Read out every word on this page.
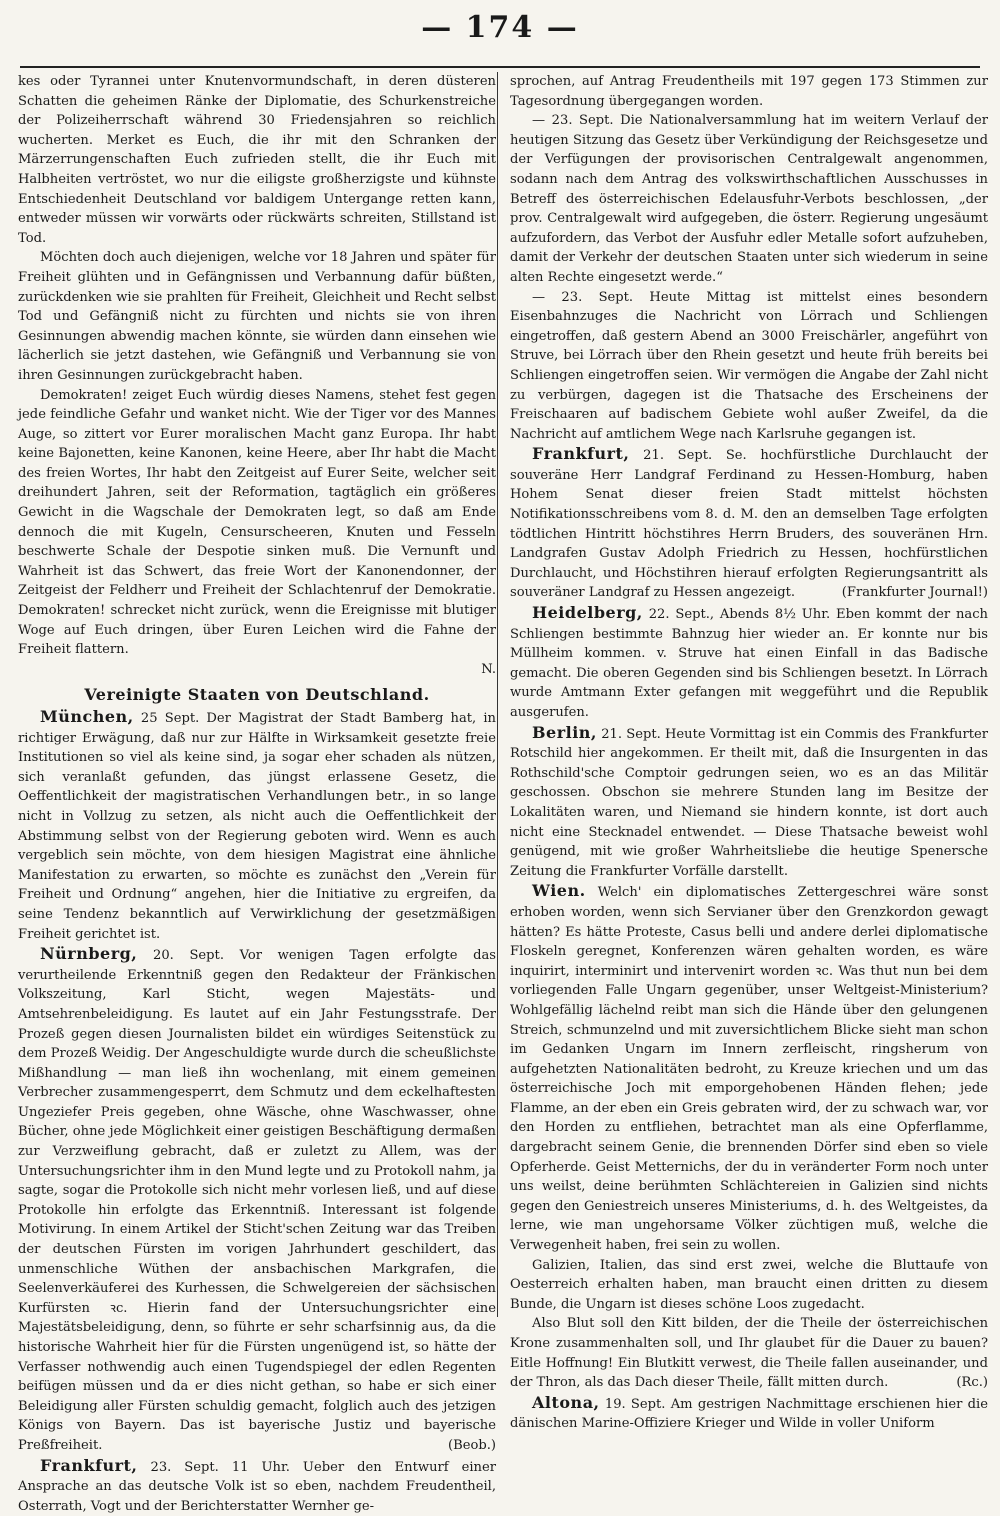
— 174 —

kes oder Tyrannei unter Knutenvormundschaft, in deren düsteren Schatten die geheimen Ränke der Diplomatie, des Schurkenstreiche der Polizeiherrschaft während 30 Friedensjahren so reichlich wucherten. Merket es Euch, die ihr mit den Schranken der Märzerrungenschaften Euch zufrieden stellt, die ihr Euch mit Halbheiten vertröstet, wo nur die eiligste großherzigste und kühnste Entschiedenheit Deutschland vor baldigem Untergange retten kann, entweder müssen wir vorwärts oder rückwärts schreiten, Stillstand ist Tod.

Möchten doch auch diejenigen, welche vor 18 Jahren und später für Freiheit glühten und in Gefängnissen und Verbannung dafür büßten, zurückdenken wie sie prahlten für Freiheit, Gleichheit und Recht selbst Tod und Gefängniß nicht zu fürchten und nichts sie von ihren Gesinnungen abwendig machen könnte, sie würden dann einsehen wie lächerlich sie jetzt dastehen, wie Gefängniß und Verbannung sie von ihren Gesinnungen zurückgebracht haben.

Demokraten! zeiget Euch würdig dieses Namens, stehet fest gegen jede feindliche Gefahr und wanket nicht. Wie der Tiger vor des Mannes Auge, so zittert vor Eurer moralischen Macht ganz Europa. Ihr habt keine Bajonetten, keine Kanonen, keine Heere, aber Ihr habt die Macht des freien Wortes, Ihr habt den Zeitgeist auf Eurer Seite, welcher seit dreihundert Jahren, seit der Reformation, tagtäglich ein größeres Gewicht in die Wagschale der Demokraten legt, so daß am Ende dennoch die mit Kugeln, Censurscheeren, Knuten und Fesseln beschwerte Schale der Despotie sinken muß. Die Vernunft und Wahrheit ist das Schwert, das freie Wort der Kanonendonner, der Zeitgeist der Feldherr und Freiheit der Schlachtenruf der Demokratie. Demokraten! schrecket nicht zurück, wenn die Ereignisse mit blutiger Woge auf Euch dringen, über Euren Leichen wird die Fahne der Freiheit flattern.

N.

Vereinigte Staaten von Deutschland.

München, 25 Sept. Der Magistrat der Stadt Bamberg hat, in richtiger Erwägung, daß nur zur Hälfte in Wirksamkeit gesetzte freie Institutionen so viel als keine sind, ja sogar eher schaden als nützen, sich veranlaßt gefunden, das jüngst erlassene Gesetz, die Oeffentlichkeit der magistratischen Verhandlungen betr., in so lange nicht in Vollzug zu setzen, als nicht auch die Oeffentlichkeit der Abstimmung selbst von der Regierung geboten wird. Wenn es auch vergeblich sein möchte, von dem hiesigen Magistrat eine ähnliche Manifestation zu erwarten, so möchte es zunächst den „Verein für Freiheit und Ordnung“ angehen, hier die Initiative zu ergreifen, da seine Tendenz bekanntlich auf Verwirklichung der gesetzmäßigen Freiheit gerichtet ist.

Nürnberg, 20. Sept. Vor wenigen Tagen erfolgte das verurtheilende Erkenntniß gegen den Redakteur der Fränkischen Volkszeitung, Karl Sticht, wegen Majestäts- und Amtsehrenbeleidigung. Es lautet auf ein Jahr Festungsstrafe. Der Prozeß gegen diesen Journalisten bildet ein würdiges Seitenstück zu dem Prozeß Weidig. Der Angeschuldigte wurde durch die scheußlichste Mißhandlung — man ließ ihn wochenlang, mit einem gemeinen Verbrecher zusammengesperrt, dem Schmutz und dem eckelhaftesten Ungeziefer Preis gegeben, ohne Wäsche, ohne Waschwasser, ohne Bücher, ohne jede Möglichkeit einer geistigen Beschäftigung dermaßen zur Verzweiflung gebracht, daß er zuletzt zu Allem, was der Untersuchungsrichter ihm in den Mund legte und zu Protokoll nahm, ja sagte, sogar die Protokolle sich nicht mehr vorlesen ließ, und auf diese Protokolle hin erfolgte das Erkenntniß. Interessant ist folgende Motivirung. In einem Artikel der Sticht'schen Zeitung war das Treiben der deutschen Fürsten im vorigen Jahrhundert geschildert, das unmenschliche Wüthen der ansbachischen Markgrafen, die Seelenverkäuferei des Kurhessen, die Schwelgereien der sächsischen Kurfürsten ꝛc. Hierin fand der Untersuchungsrichter eine Majestätsbeleidigung, denn, so führte er sehr scharfsinnig aus, da die historische Wahrheit hier für die Fürsten ungenügend ist, so hätte der Verfasser nothwendig auch einen Tugendspiegel der edlen Regenten beifügen müssen und da er dies nicht gethan, so habe er sich einer Beleidigung aller Fürsten schuldig gemacht, folglich auch des jetzigen Königs von Bayern. Das ist bayerische Justiz und bayerische Preßfreiheit.	(Beob.)

Frankfurt, 23. Sept. 11 Uhr. Ueber den Entwurf einer Ansprache an das deutsche Volk ist so eben, nachdem Freudentheil, Osterrath, Vogt und der Berichterstatter Wernher ge-

sprochen, auf Antrag Freudentheils mit 197 gegen 173 Stimmen zur Tagesordnung übergegangen worden.

— 23. Sept. Die Nationalversammlung hat im weitern Verlauf der heutigen Sitzung das Gesetz über Verkündigung der Reichsgesetze und der Verfügungen der provisorischen Centralgewalt angenommen, sodann nach dem Antrag des volkswirthschaftlichen Ausschusses in Betreff des österreichischen Edelausfuhr-Verbots beschlossen, „der prov. Centralgewalt wird aufgegeben, die österr. Regierung ungesäumt aufzufordern, das Verbot der Ausfuhr edler Metalle sofort aufzuheben, damit der Verkehr der deutschen Staaten unter sich wiederum in seine alten Rechte eingesetzt werde.“

— 23. Sept. Heute Mittag ist mittelst eines besondern Eisenbahnzuges die Nachricht von Lörrach und Schliengen eingetroffen, daß gestern Abend an 3000 Freischärler, angeführt von Struve, bei Lörrach über den Rhein gesetzt und heute früh bereits bei Schliengen eingetroffen seien. Wir vermögen die Angabe der Zahl nicht zu verbürgen, dagegen ist die Thatsache des Erscheinens der Freischaaren auf badischem Gebiete wohl außer Zweifel, da die Nachricht auf amtlichem Wege nach Karlsruhe gegangen ist.

Frankfurt, 21. Sept. Se. hochfürstliche Durchlaucht der souveräne Herr Landgraf Ferdinand zu Hessen-Homburg, haben Hohem Senat dieser freien Stadt mittelst höchsten Notifikationsschreibens vom 8. d. M. den an demselben Tage erfolgten tödtlichen Hintritt höchstihres Herrn Bruders, des souveränen Hrn. Landgrafen Gustav Adolph Friedrich zu Hessen, hochfürstlichen Durchlaucht, und Höchstihren hierauf erfolgten Regierungsantritt als souveräner Landgraf zu Hessen angezeigt.	(Frankfurter Journal!)

Heidelberg, 22. Sept., Abends 8½ Uhr. Eben kommt der nach Schliengen bestimmte Bahnzug hier wieder an. Er konnte nur bis Müllheim kommen. v. Struve hat einen Einfall in das Badische gemacht. Die oberen Gegenden sind bis Schliengen besetzt. In Lörrach wurde Amtmann Exter gefangen mit weggeführt und die Republik ausgerufen.

Berlin, 21. Sept. Heute Vormittag ist ein Commis des Frankfurter Rotschild hier angekommen. Er theilt mit, daß die Insurgenten in das Rothschild'sche Comptoir gedrungen seien, wo es an das Militär geschossen. Obschon sie mehrere Stunden lang im Besitze der Lokalitäten waren, und Niemand sie hindern konnte, ist dort auch nicht eine Stecknadel entwendet. — Diese Thatsache beweist wohl genügend, mit wie großer Wahrheitsliebe die heutige Spenersche Zeitung die Frankfurter Vorfälle darstellt.

Wien. Welch' ein diplomatisches Zettergeschrei wäre sonst erhoben worden, wenn sich Servianer über den Grenzkordon gewagt hätten? Es hätte Proteste, Casus belli und andere derlei diplomatische Floskeln geregnet, Konferenzen wären gehalten worden, es wäre inquirirt, interminirt und intervenirt worden ꝛc. Was thut nun bei dem vorliegenden Falle Ungarn gegenüber, unser Weltgeist-Ministerium? Wohlgefällig lächelnd reibt man sich die Hände über den gelungenen Streich, schmunzelnd und mit zuversichtlichem Blicke sieht man schon im Gedanken Ungarn im Innern zerfleischt, ringsherum von aufgehetzten Nationalitäten bedroht, zu Kreuze kriechen und um das österreichische Joch mit emporgehobenen Händen flehen; jede Flamme, an der eben ein Greis gebraten wird, der zu schwach war, vor den Horden zu entfliehen, betrachtet man als eine Opferflamme, dargebracht seinem Genie, die brennenden Dörfer sind eben so viele Opferherde. Geist Metternichs, der du in veränderter Form noch unter uns weilst, deine berühmten Schlächtereien in Galizien sind nichts gegen den Geniestreich unseres Ministeriums, d. h. des Weltgeistes, da lerne, wie man ungehorsame Völker züchtigen muß, welche die Verwegenheit haben, frei sein zu wollen.

Galizien, Italien, das sind erst zwei, welche die Bluttaufe von Oesterreich erhalten haben, man braucht einen dritten zu diesem Bunde, die Ungarn ist dieses schöne Loos zugedacht.

Also Blut soll den Kitt bilden, der die Theile der österreichischen Krone zusammenhalten soll, und Ihr glaubet für die Dauer zu bauen? Eitle Hoffnung! Ein Blutkitt verwest, die Theile fallen auseinander, und der Thron, als das Dach dieser Theile, fällt mitten durch.	(Rc.)

Altona, 19. Sept. Am gestrigen Nachmittage erschienen hier die dänischen Marine-Offiziere Krieger und Wilde in voller Uniform
